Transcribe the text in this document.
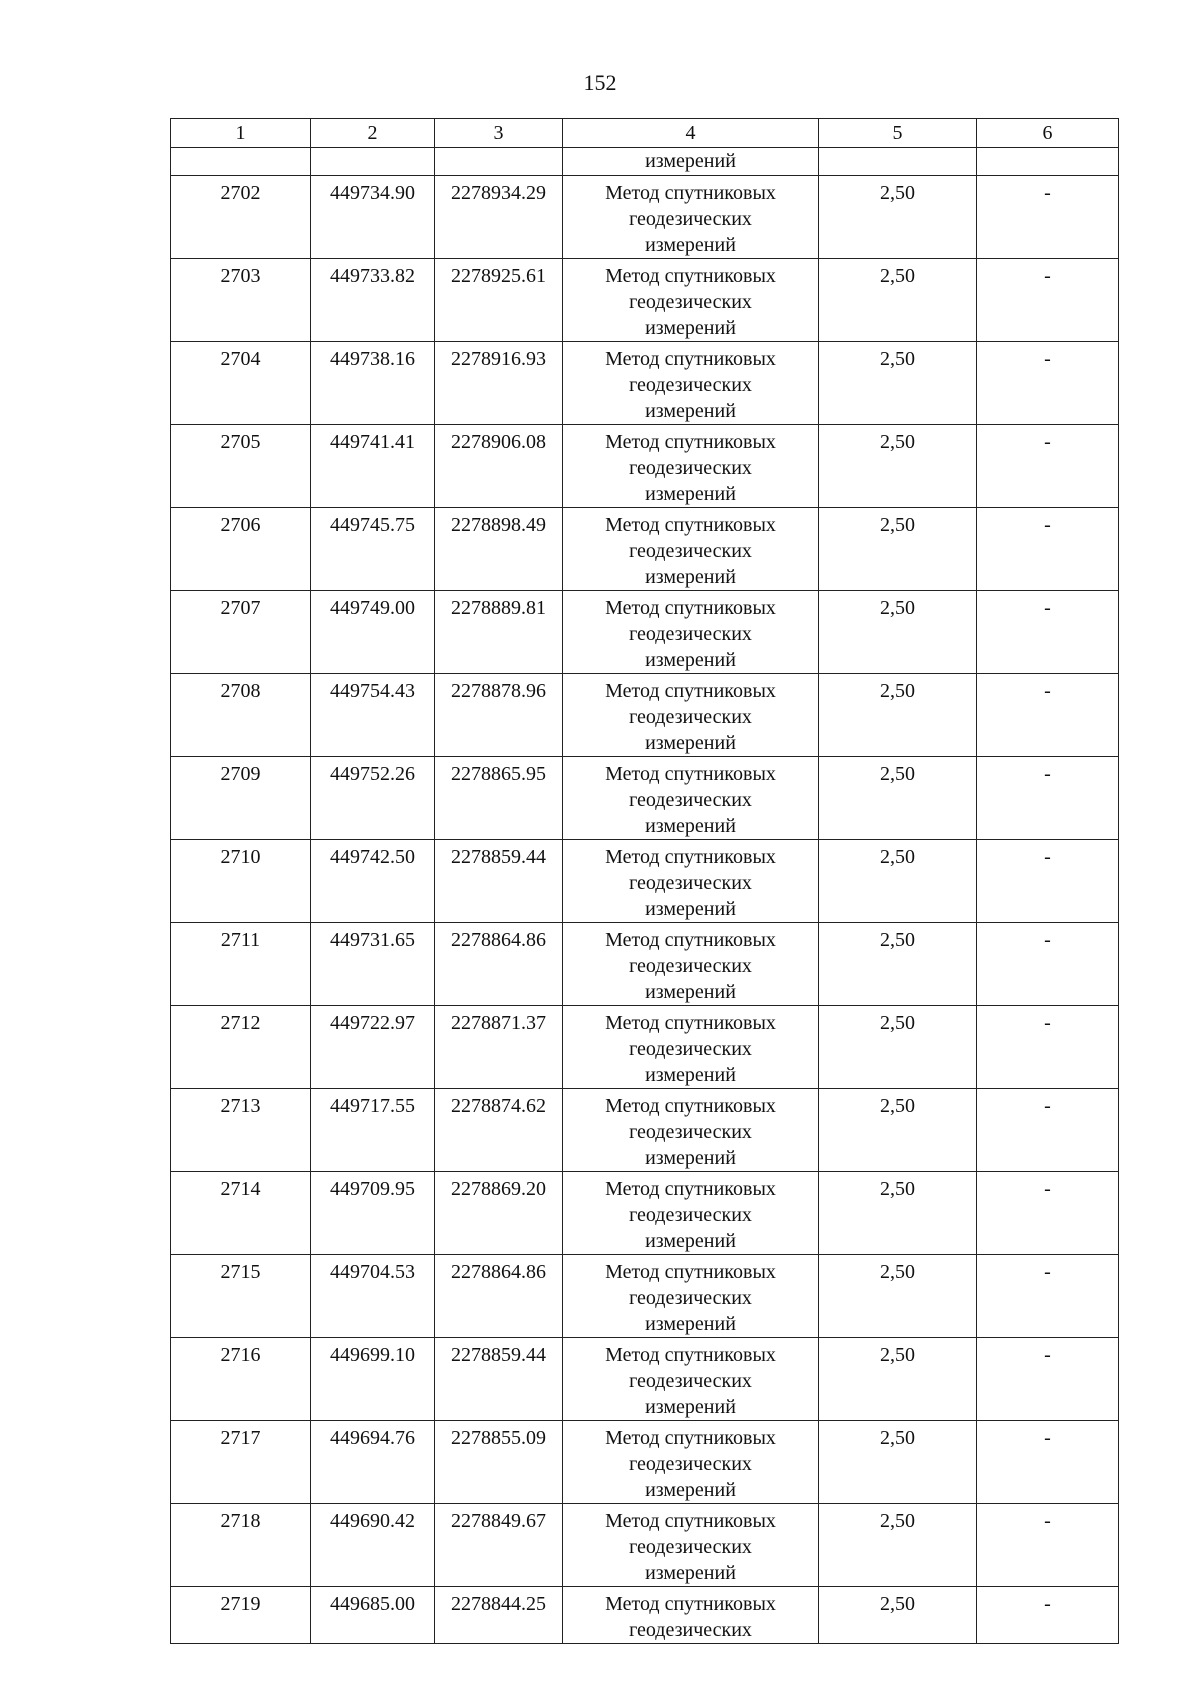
152
1	2	3	4	5	6
			измерений		
2702	449734.90	2278934.29	Метод спутниковых
геодезических
измерений	2,50	-
2703	449733.82	2278925.61	Метод спутниковых
геодезических
измерений	2,50	-
2704	449738.16	2278916.93	Метод спутниковых
геодезических
измерений	2,50	-
2705	449741.41	2278906.08	Метод спутниковых
геодезических
измерений	2,50	-
2706	449745.75	2278898.49	Метод спутниковых
геодезических
измерений	2,50	-
2707	449749.00	2278889.81	Метод спутниковых
геодезических
измерений	2,50	-
2708	449754.43	2278878.96	Метод спутниковых
геодезических
измерений	2,50	-
2709	449752.26	2278865.95	Метод спутниковых
геодезических
измерений	2,50	-
2710	449742.50	2278859.44	Метод спутниковых
геодезических
измерений	2,50	-
2711	449731.65	2278864.86	Метод спутниковых
геодезических
измерений	2,50	-
2712	449722.97	2278871.37	Метод спутниковых
геодезических
измерений	2,50	-
2713	449717.55	2278874.62	Метод спутниковых
геодезических
измерений	2,50	-
2714	449709.95	2278869.20	Метод спутниковых
геодезических
измерений	2,50	-
2715	449704.53	2278864.86	Метод спутниковых
геодезических
измерений	2,50	-
2716	449699.10	2278859.44	Метод спутниковых
геодезических
измерений	2,50	-
2717	449694.76	2278855.09	Метод спутниковых
геодезических
измерений	2,50	-
2718	449690.42	2278849.67	Метод спутниковых
геодезических
измерений	2,50	-
2719	449685.00	2278844.25	Метод спутниковых
геодезических	2,50	-
